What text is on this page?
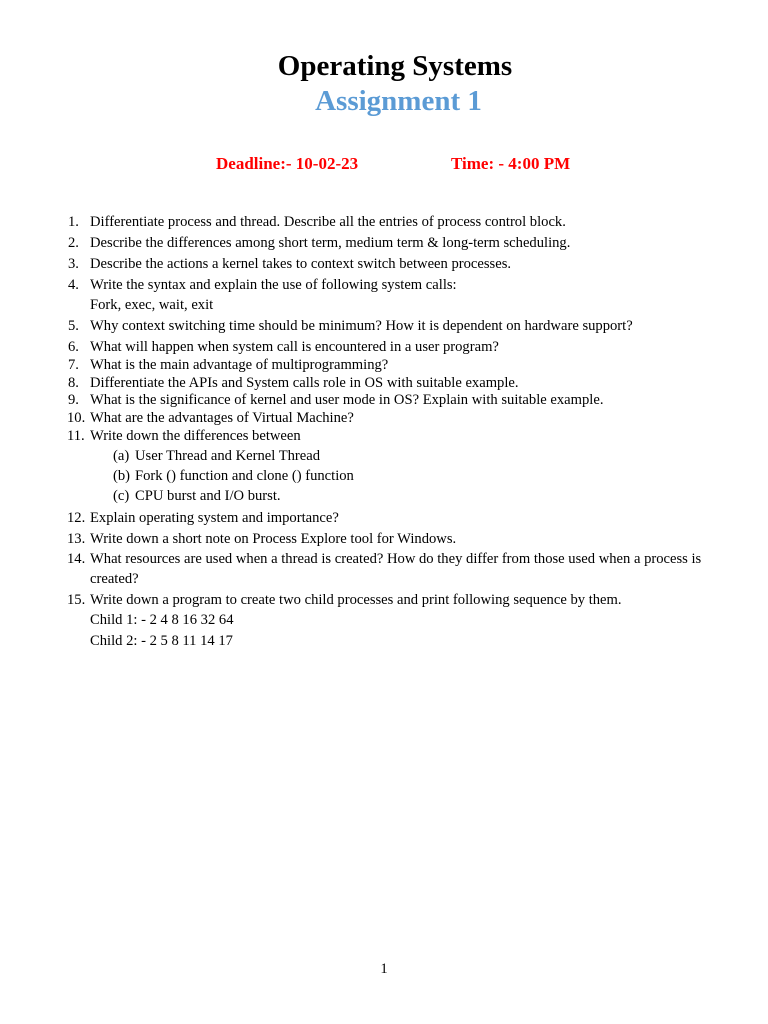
Operating Systems
Assignment 1
Deadline:- 10-02-23	Time: - 4:00 PM
1. Differentiate process and thread. Describe all the entries of process control block.
2. Describe the differences among short term, medium term & long-term scheduling.
3. Describe the actions a kernel takes to context switch between processes.
4. Write the syntax and explain the use of following system calls:
Fork, exec, wait, exit
5. Why context switching time should be minimum? How it is dependent on hardware support?
6. What will happen when system call is encountered in a user program?
7. What is the main advantage of multiprogramming?
8. Differentiate the APIs and System calls role in OS with suitable example.
9. What is the significance of kernel and user mode in OS? Explain with suitable example.
10. What are the advantages of Virtual Machine?
11. Write down the differences between
(a) User Thread and Kernel Thread
(b) Fork () function and clone () function
(c) CPU burst and I/O burst.
12. Explain operating system and importance?
13. Write down a short note on Process Explore tool for Windows.
14. What resources are used when a thread is created? How do they differ from those used when a process is
created?
15. Write down a program to create two child processes and print following sequence by them.
Child 1: - 2 4 8 16 32 64
Child 2: - 2 5 8 11 14 17
1
